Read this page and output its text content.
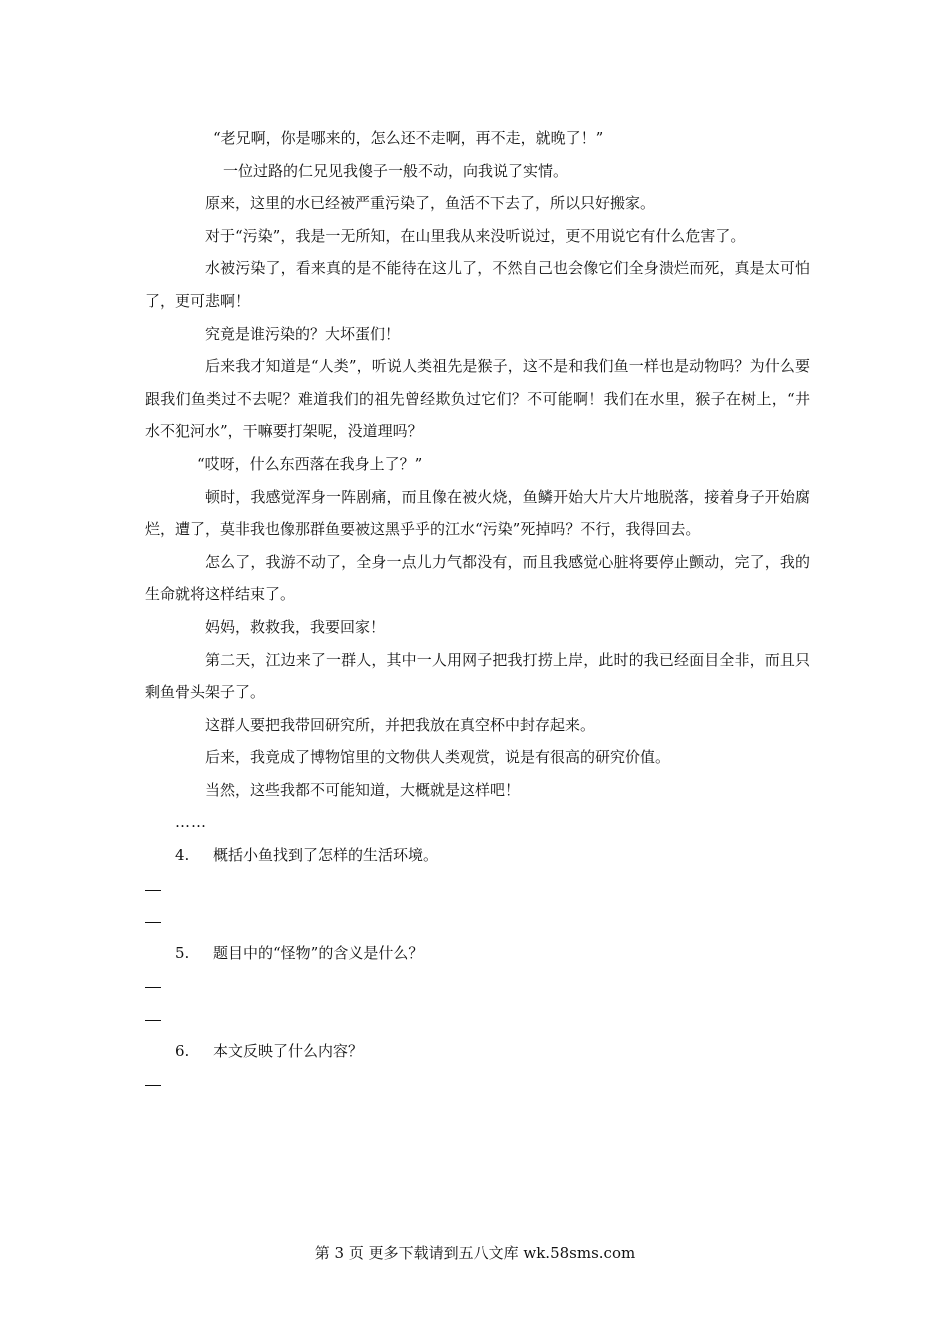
“老兄啊，你是哪来的，怎么还不走啊，再不走，就晚了！”

一位过路的仁兄见我傻子一般不动，向我说了实情。

原来，这里的水已经被严重污染了，鱼活不下去了，所以只好搬家。

对于“污染”，我是一无所知，在山里我从来没听说过，更不用说它有什么危害了。

水被污染了，看来真的是不能待在这儿了，不然自己也会像它们全身溃烂而死，真是太可怕了，更可悲啊！

究竟是谁污染的？大坏蛋们！

后来我才知道是“人类”，听说人类祖先是猴子，这不是和我们鱼一样也是动物吗？为什么要跟我们鱼类过不去呢？难道我们的祖先曾经欺负过它们？不可能啊！我们在水里，猴子在树上，“井水不犯河水”，干嘛要打架呢，没道理吗？

“哎呀，什么东西落在我身上了？”

顿时，我感觉浑身一阵剧痛，而且像在被火烧，鱼鳞开始大片大片地脱落，接着身子开始腐烂，遭了，莫非我也像那群鱼要被这黑乎乎的江水“污染”死掉吗？不行，我得回去。

怎么了，我游不动了，全身一点儿力气都没有，而且我感觉心脏将要停止颤动，完了，我的生命就将这样结束了。

妈妈，救救我，我要回家！

第二天，江边来了一群人，其中一人用网子把我打捞上岸，此时的我已经面目全非，而且只剩鱼骨头架子了。

这群人要把我带回研究所，并把我放在真空杯中封存起来。

后来，我竟成了博物馆里的文物供人类观赏，说是有很高的研究价值。

当然，这些我都不可能知道，大概就是这样吧！

……

4.	概括小鱼找到了怎样的生活环境。
5.	题目中的“怪物”的含义是什么？
6.	本文反映了什么内容？
第 3 页 更多下载请到五八文库 wk.58sms.com
